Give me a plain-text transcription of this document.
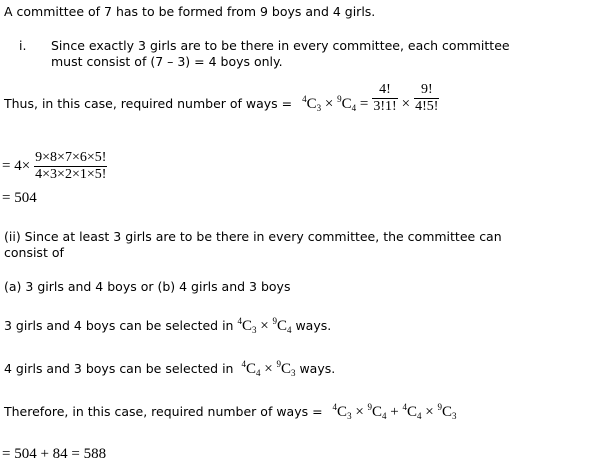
A committee of 7 has to be formed from 9 boys and 4 girls.
i. Since exactly 3 girls are to be there in every committee, each committee
must consist of (7 – 3) = 4 boys only.
Thus, in this case, required number of ways = $^4C_3 \times ^9C_4 = \frac{4!}{3!1!} \times \frac{9!}{4!5!}$
= $4\times \frac{9\times 8\times 7\times 6\times 5!}{4\times 3\times 2\times 1\times 5!}$
= 504
(ii) Since at least 3 girls are to be there in every committee, the committee can
consist of
(a) 3 girls and 4 boys or (b) 4 girls and 3 boys
3 girls and 4 boys can be selected in $^4C_3 \times ^9C_4$ ways.
4 girls and 3 boys can be selected in $^4C_4 \times ^9C_3$ ways.
Therefore, in this case, required number of ways = $^4C_3 \times ^9C_4 + ^4C_4 \times ^9C_3$
= 504 + 84 = 588
